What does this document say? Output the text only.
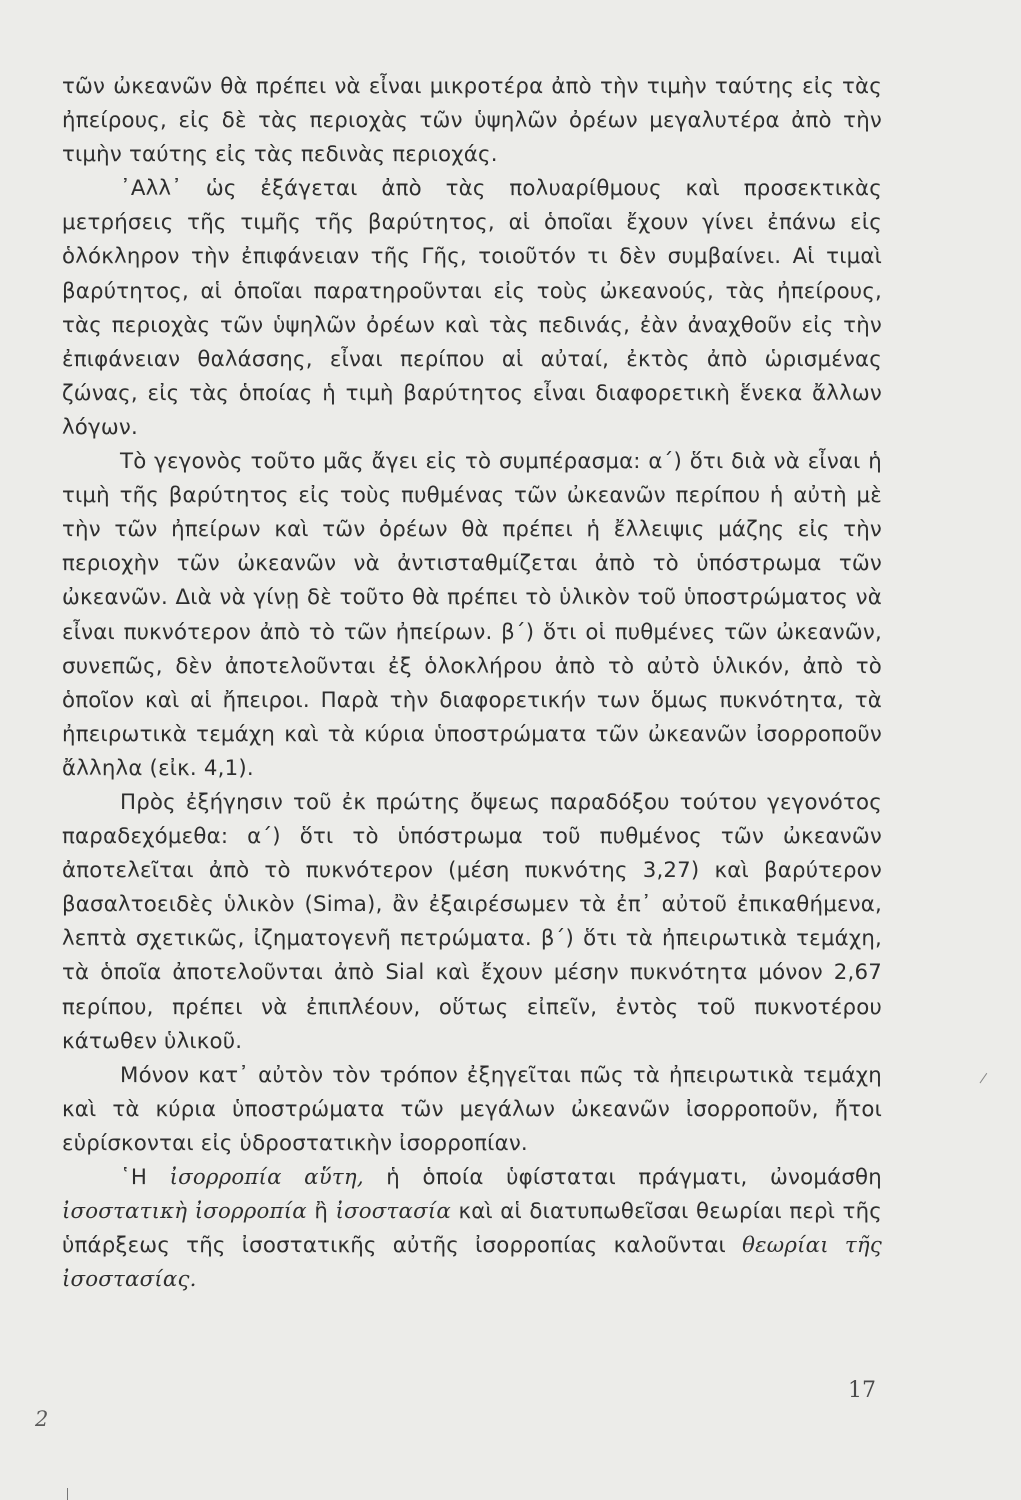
τῶν ὠκεανῶν θὰ πρέπει νὰ εἶναι μικροτέρα ἀπὸ τὴν τιμὴν ταύτης εἰς τὰς ἠπείρους, εἰς δὲ τὰς περιοχὰς τῶν ὑψηλῶν ὀρέων μεγαλυτέρα ἀπὸ τὴν τιμὴν ταύτης εἰς τὰς πεδινὰς περιοχάς.

᾽Αλλ᾽ ὡς ἐξάγεται ἀπὸ τὰς πολυαρίθμους καὶ προσεκτικὰς μετρήσεις τῆς τιμῆς τῆς βαρύτητος, αἱ ὁποῖαι ἔχουν γίνει ἐπάνω εἰς ὁλόκληρον τὴν ἐπιφάνειαν τῆς Γῆς, τοιοῦτόν τι δὲν συμβαίνει. Αἱ τιμαὶ βαρύτητος, αἱ ὁποῖαι παρατηροῦνται εἰς τοὺς ὠκεανούς, τὰς ἠπείρους, τὰς περιοχὰς τῶν ὑψηλῶν ὀρέων καὶ τὰς πεδινάς, ἐὰν ἀναχθοῦν εἰς τὴν ἐπιφάνειαν θαλάσσης, εἶναι περίπου αἱ αὐταί, ἐκτὸς ἀπὸ ὡρισμένας ζώνας, εἰς τὰς ὁποίας ἡ τιμὴ βαρύτητος εἶναι διαφορετικὴ ἕνεκα ἄλλων λόγων.

Τὸ γεγονὸς τοῦτο μᾶς ἄγει εἰς τὸ συμπέρασμα: α΄) ὅτι διὰ νὰ εἶναι ἡ τιμὴ τῆς βαρύτητος εἰς τοὺς πυθμένας τῶν ὠκεανῶν περίπου ἡ αὐτὴ μὲ τὴν τῶν ἠπείρων καὶ τῶν ὀρέων θὰ πρέπει ἡ ἔλλειψις μάζης εἰς τὴν περιοχὴν τῶν ὠκεανῶν νὰ ἀντισταθμίζεται ἀπὸ τὸ ὑπόστρωμα τῶν ὠκεανῶν. Διὰ νὰ γίνῃ δὲ τοῦτο θὰ πρέπει τὸ ὑλικὸν τοῦ ὑποστρώματος νὰ εἶναι πυκνότερον ἀπὸ τὸ τῶν ἠπείρων. β΄) ὅτι οἱ πυθμένες τῶν ὠκεανῶν, συνεπῶς, δὲν ἀποτελοῦνται ἐξ ὁλοκλήρου ἀπὸ τὸ αὐτὸ ὑλικόν, ἀπὸ τὸ ὁποῖον καὶ αἱ ἤπειροι. Παρὰ τὴν διαφορετικήν των ὅμως πυκνότητα, τὰ ἠπειρωτικὰ τεμάχη καὶ τὰ κύρια ὑποστρώματα τῶν ὠκεανῶν ἰσορροποῦν ἄλληλα (εἰκ. 4,1).

Πρὸς ἐξήγησιν τοῦ ἐκ πρώτης ὄψεως παραδόξου τούτου γεγονότος παραδεχόμεθα: α΄) ὅτι τὸ ὑπόστρωμα τοῦ πυθμένος τῶν ὠκεανῶν ἀποτελεῖται ἀπὸ τὸ πυκνότερον (μέση πυκνότης 3,27) καὶ βαρύτερον βασαλτοειδὲς ὑλικὸν (Sima), ἂν ἐξαιρέσωμεν τὰ ἐπ᾽ αὐτοῦ ἐπικαθήμενα, λεπτὰ σχετικῶς, ἰζηματογενῆ πετρώματα. β΄) ὅτι τὰ ἠπειρωτικὰ τεμάχη, τὰ ὁποῖα ἀποτελοῦνται ἀπὸ Sial καὶ ἔχουν μέσην πυκνότητα μόνον 2,67 περίπου, πρέπει νὰ ἐπιπλέουν, οὕτως εἰπεῖν, ἐντὸς τοῦ πυκνοτέρου κάτωθεν ὑλικοῦ.

Μόνον κατ᾽ αὐτὸν τὸν τρόπον ἐξηγεῖται πῶς τὰ ἠπειρωτικὰ τεμάχη καὶ τὰ κύρια ὑποστρώματα τῶν μεγάλων ὠκεανῶν ἰσορροποῦν, ἤτοι εὑρίσκονται εἰς ὑδροστατικὴν ἰσορροπίαν.

῾Η ἰσορροπία αὕτη, ἡ ὁποία ὑφίσταται πράγματι, ὠνομάσθη ἰσοστατικὴ ἰσορροπία ἢ ἰσοστασία καὶ αἱ διατυπωθεῖσαι θεωρίαι περὶ τῆς ὑπάρξεως τῆς ἰσοστατικῆς αὐτῆς ἰσορροπίας καλοῦνται θεωρίαι τῆς ἰσοστασίας.

17
2
